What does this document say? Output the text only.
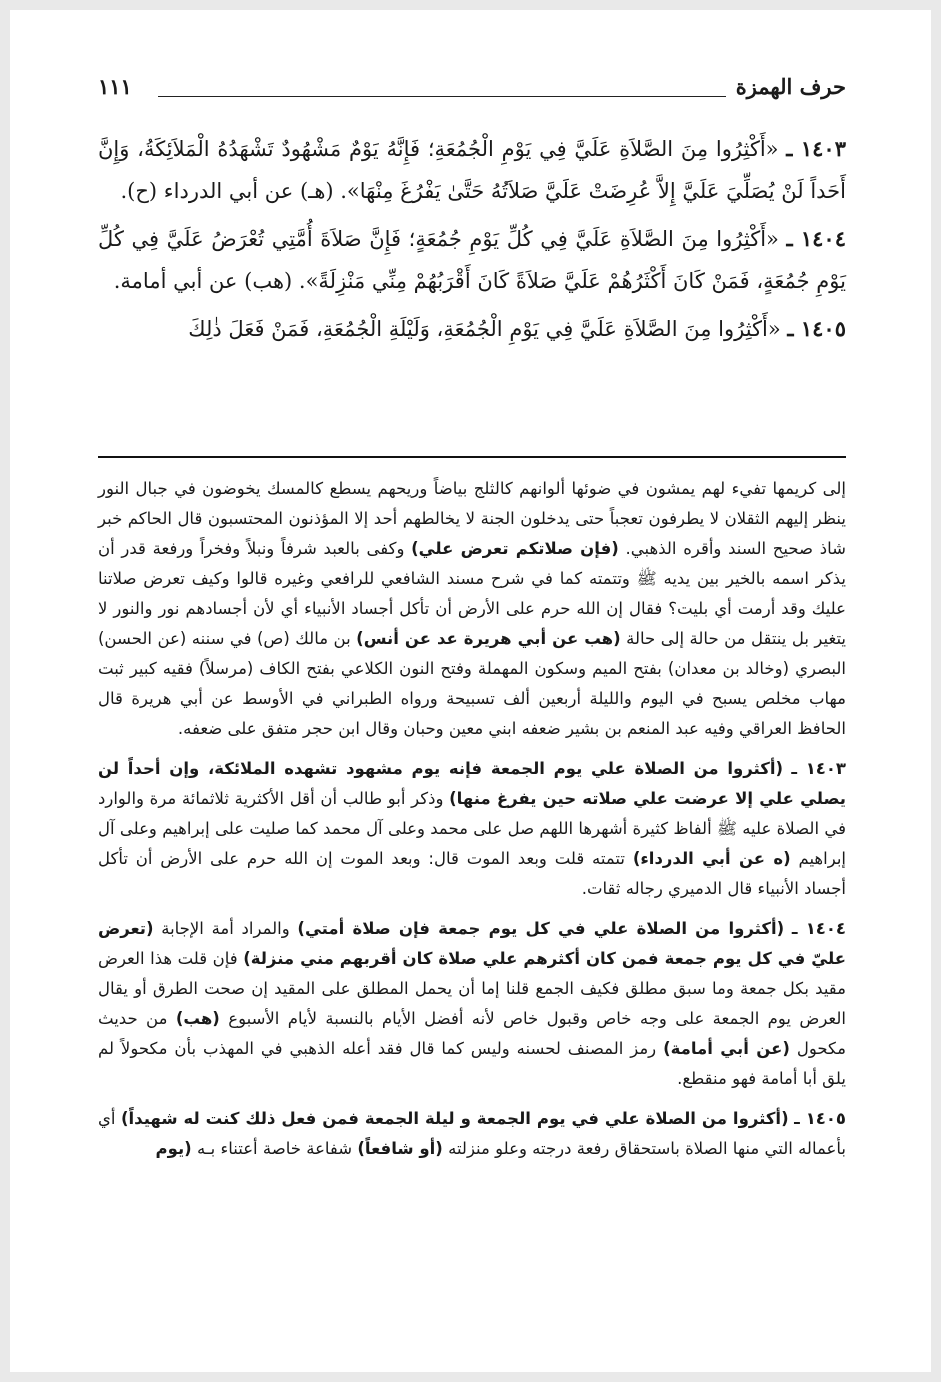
حرف الهمزة
١١١

١٤٠٣ ـ «أَكْثِرُوا مِنَ الصَّلاَةِ عَلَيَّ فِي يَوْمِ الْجُمُعَةِ؛ فَإِنَّهُ يَوْمٌ مَشْهُودٌ تَشْهَدُهُ الْمَلاَئِكَةُ، وَإِنَّ أَحَداً لَنْ يُصَلِّيَ عَلَيَّ إِلاَّ عُرِضَتْ عَلَيَّ صَلاَتُهُ حَتَّىٰ يَفْرُغَ مِنْهَا». (هـ) عن أبي الدرداء (ح).

١٤٠٤ ـ «أَكْثِرُوا مِنَ الصَّلاَةِ عَلَيَّ فِي كُلِّ يَوْمِ جُمُعَةٍ؛ فَإِنَّ صَلاَةَ أُمَّتِي تُعْرَضُ عَلَيَّ فِي كُلِّ يَوْمِ جُمُعَةٍ، فَمَنْ كَانَ أَكْثَرُهُمْ عَلَيَّ صَلاَةً كَانَ أَقْرَبُهُمْ مِنِّي مَنْزِلَةً». (هب) عن أبي أمامة.

١٤٠٥ ـ «أَكْثِرُوا مِنَ الصَّلاَةِ عَلَيَّ فِي يَوْمِ الْجُمُعَةِ، وَلَيْلَةِ الْجُمُعَةِ، فَمَنْ فَعَلَ ذٰلِكَ

إلى كريمها تفيء لهم يمشون في ضوئها ألوانهم كالثلج بياضاً وريحهم يسطع كالمسك يخوضون في جبال النور ينظر إليهم الثقلان لا يطرفون تعجباً حتى يدخلون الجنة لا يخالطهم أحد إلا المؤذنون المحتسبون قال الحاكم خبر شاذ صحيح السند وأقره الذهبي. (فإن صلاتكم تعرض علي) وكفى بالعبد شرفاً ونبلاً وفخراً ورفعة قدر أن يذكر اسمه بالخير بين يديه ﷺ وتتمته كما في شرح مسند الشافعي للرافعي وغيره قالوا وكيف تعرض صلاتنا عليك وقد أرمت أي بليت؟ فقال إن الله حرم على الأرض أن تأكل أجساد الأنبياء أي لأن أجسادهم نور والنور لا يتغير بل ينتقل من حالة إلى حالة (هب عن أبي هريرة عد عن أنس) بن مالك (ص) في سننه (عن الحسن) البصري (وخالد بن معدان) بفتح الميم وسكون المهملة وفتح النون الكلاعي بفتح الكاف (مرسلاً) فقيه كبير ثبت مهاب مخلص يسبح في اليوم والليلة أربعين ألف تسبيحة ورواه الطبراني في الأوسط عن أبي هريرة قال الحافظ العراقي وفيه عبد المنعم بن بشير ضعفه ابني معين وحبان وقال ابن حجر متفق على ضعفه.

١٤٠٣ ـ (أكثروا من الصلاة علي يوم الجمعة فإنه يوم مشهود تشهده الملائكة، وإن أحداً لن يصلي علي إلا عرضت علي صلاته حين يفرغ منها) وذكر أبو طالب أن أقل الأكثرية ثلاثمائة مرة والوارد في الصلاة عليه ﷺ ألفاظ كثيرة أشهرها اللهم صل على محمد وعلى آل محمد كما صليت على إبراهيم وعلى آل إبراهيم (ه عن أبي الدرداء) تتمته قلت وبعد الموت قال: وبعد الموت إن الله حرم على الأرض أن تأكل أجساد الأنبياء قال الدميري رجاله ثقات.

١٤٠٤ ـ (أكثروا من الصلاة علي في كل يوم جمعة فإن صلاة أمتي) والمراد أمة الإجابة (تعرض عليّ في كل يوم جمعة فمن كان أكثرهم علي صلاة كان أقربهم مني منزلة) فإن قلت هذا العرض مقيد بكل جمعة وما سبق مطلق فكيف الجمع قلنا إما أن يحمل المطلق على المقيد إن صحت الطرق أو يقال العرض يوم الجمعة على وجه خاص وقبول خاص لأنه أفضل الأيام بالنسبة لأيام الأسبوع (هب) من حديث مكحول (عن أبي أمامة) رمز المصنف لحسنه وليس كما قال فقد أعله الذهبي في المهذب بأن مكحولاً لم يلق أبا أمامة فهو منقطع.

١٤٠٥ ـ (أكثروا من الصلاة علي في يوم الجمعة و ليلة الجمعة فمن فعل ذلك كنت له شهيداً) أي بأعماله التي منها الصلاة باستحقاق رفعة درجته وعلو منزلته (أو شافعاً) شفاعة خاصة أعتناء بـه (يوم
